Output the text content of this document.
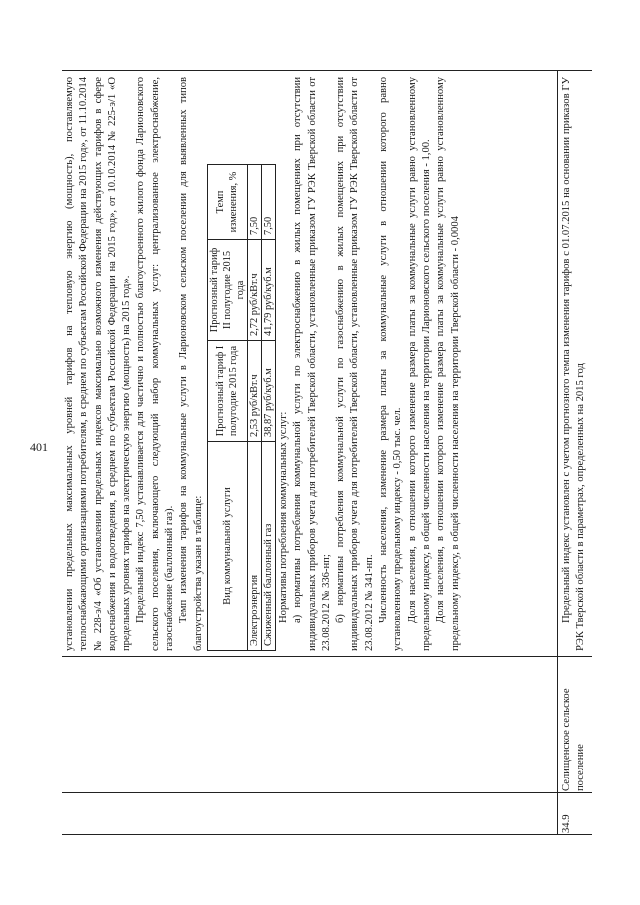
401 установлении предельных максимальных уровней тарифов на тепловую энергию (мощность), поставляемую теплоснабжающими организациями потребителям, в среднем по субъектам Российской Федерации на 2015 год», от 11.10.2014 № 228-э/4 «Об установлении предельных индексов максимально возможного изменения действующих тарифов в сфере водоснабжения и водоотведения, в среднем по субъектам Российской Федерации на 2015 год», от 10.10.2014 № 225-э/1 «О предельных уровнях тарифов на электрическую энергию (мощность) на 2015 год». Предельный индекс 7,50 устанавливается для частично и полностью благоустроенного жилого фонда Ларионовского сельского поселения, включающего следующий набор коммунальных услуг: централизованное электроснабжение, газоснабжение (баллонный газ). Темп изменения тарифов на коммунальные услуги в Ларионовском сельском поселении для выявленных типов благоустройства указан в таблице: Вид коммунальной услуги	Прогнозный тариф I полугодие 2015 года	Прогнозный тариф II полугодие 2015 года	Темп изменения, %
Электроэнергия	2,53 руб/кВт.ч	2,72 руб/кВт.ч	7,50
Сжиженный баллонный газ	38,87 руб/куб.м	41,79 руб/куб.м	7,50

Нормативы потребления коммунальных услуг: а) нормативы потребления коммунальной услуги по электроснабжению в жилых помещениях при отсутствии индивидуальных приборов учета для потребителей Тверской области, установленные приказом ГУ РЭК Тверской области от 23.08.2012 № 336-нп; б) нормативы потребления коммунальной услуги по газоснабжению в жилых помещениях при отсутствии индивидуальных приборов учета для потребителей Тверской области, установленные приказом ГУ РЭК Тверской области от 23.08.2012 № 341-нп. Численность населения, изменение размера платы за коммунальные услуги в отношении которого равно установленному предельному индексу - 0,50 тыс. чел. Доля населения, в отношении которого изменение размера платы за коммунальные услуги равно установленному предельному индексу, в общей численности населения на территории Ларионовского сельского поселения - 1,00. Доля населения, в отношении которого изменение размера платы за коммунальные услуги равно установленному предельному индексу, в общей численности населения на территории Тверской области - 0,0004

34.9
Селищенское сельское поселение
Предельный индекс установлен с учетом прогнозного темпа изменения тарифов с 01.07.2015 на основании приказов ГУ РЭК Тверской области в параметрах, определенных на 2015 год
